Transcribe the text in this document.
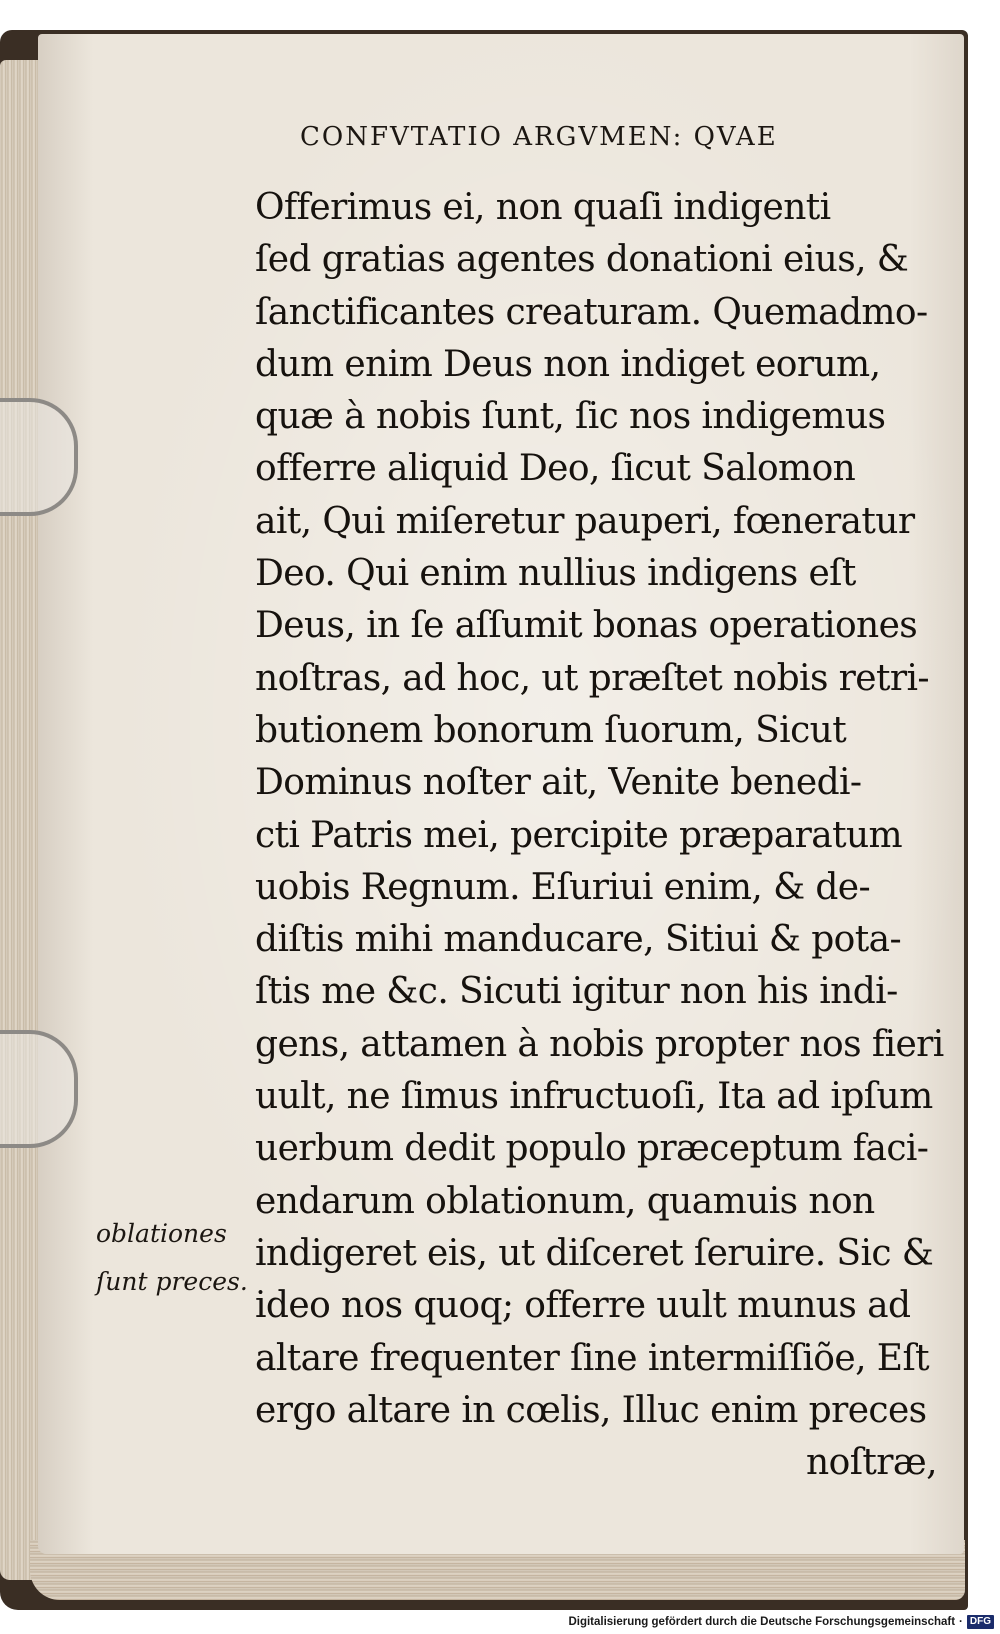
CONFVTATIO ARGVMEN: QVAE
Offerimus ei, non quaſi indigenti
ſed gratias agentes donationi eius, &
ſanctificantes creaturam. Quemadmo-
dum enim Deus non indiget eorum,
quæ à nobis ſunt, ſic nos indigemus
offerre aliquid Deo, ſicut Salomon
ait, Qui miſeretur pauperi, fœneratur
Deo. Qui enim nullius indigens eſt
Deus, in ſe aſſumit bonas operationes
noſtras, ad hoc, ut præſtet nobis retri-
butionem bonorum ſuorum, Sicut
Dominus noſter ait, Venite benedi-
cti Patris mei, percipite præparatum
uobis Regnum. Eſuriui enim, & de-
diſtis mihi manducare, Sitiui & pota-
ſtis me &c. Sicuti igitur non his indi-
gens, attamen à nobis propter nos fieri
uult, ne ſimus infructuoſi, Ita ad ipſum
uerbum dedit populo præceptum faci-
endarum oblationum, quamuis non
indigeret eis, ut diſceret ſeruire. Sic &
ideo nos quoq; offerre uult munus ad
altare frequenter ſine intermiſſiõe, Eſt
ergo altare in cœlis, Illuc enim preces
noſtræ,
oblationes
ſunt preces.
Digitalisierung gefördert durch die Deutsche Forschungsgemeinschaft · DFG
